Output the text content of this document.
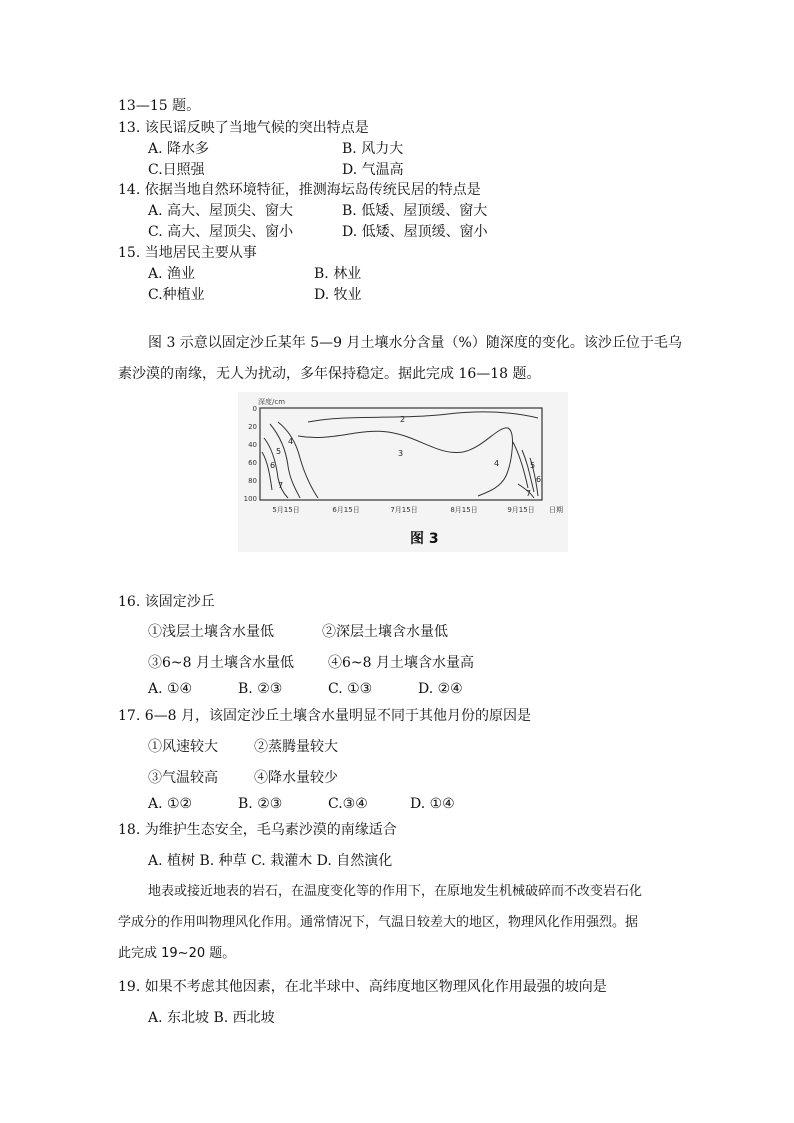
13—15 题。
13. 该民谣反映了当地气候的突出特点是
A. 降水多	B. 风力大
C.日照强	D. 气温高
14. 依据当地自然环境特征，推测海坛岛传统民居的特点是
A. 高大、屋顶尖、窗大	B. 低矮、屋顶缓、窗大
C. 高大、屋顶尖、窗小	D. 低矮、屋顶缓、窗小
15. 当地居民主要从事
A. 渔业	B. 林业
C.种植业	D. 牧业
图 3 示意以固定沙丘某年 5—9 月土壤水分含量（%）随深度的变化。该沙丘位于毛乌
素沙漠的南缘，无人为扰动，多年保持稳定。据此完成 16—18 题。
深度/cm
0
20
40
60
80
100
5月15日	6月15日	7月15日	8月15日	9月15日 日期
2
3
4
4
5
6
7
5
6
7
图 3
16. 该固定沙丘
①浅层土壤含水量低	②深层土壤含水量低
③6~8 月土壤含水量低 ④6~8 月土壤含水量高
A. ①④	B. ②③	C. ①③	D. ②④
17. 6—8 月，该固定沙丘土壤含水量明显不同于其他月份的原因是
①风速较大	②蒸腾量较大
③气温较高	④降水量较少
A. ①②	B. ②③	C.③④	D. ①④
18. 为维护生态安全，毛乌素沙漠的南缘适合
A. 植树 B. 种草 C. 栽灌木 D. 自然演化
地表或接近地表的岩石，在温度变化等的作用下，在原地发生机械破碎而不改变岩石化
学成分的作用叫物理风化作用。通常情况下，气温日较差大的地区，物理风化作用强烈。据
此完成 19~20 题。
19. 如果不考虑其他因素，在北半球中、高纬度地区物理风化作用最强的坡向是
A. 东北坡 B. 西北坡
